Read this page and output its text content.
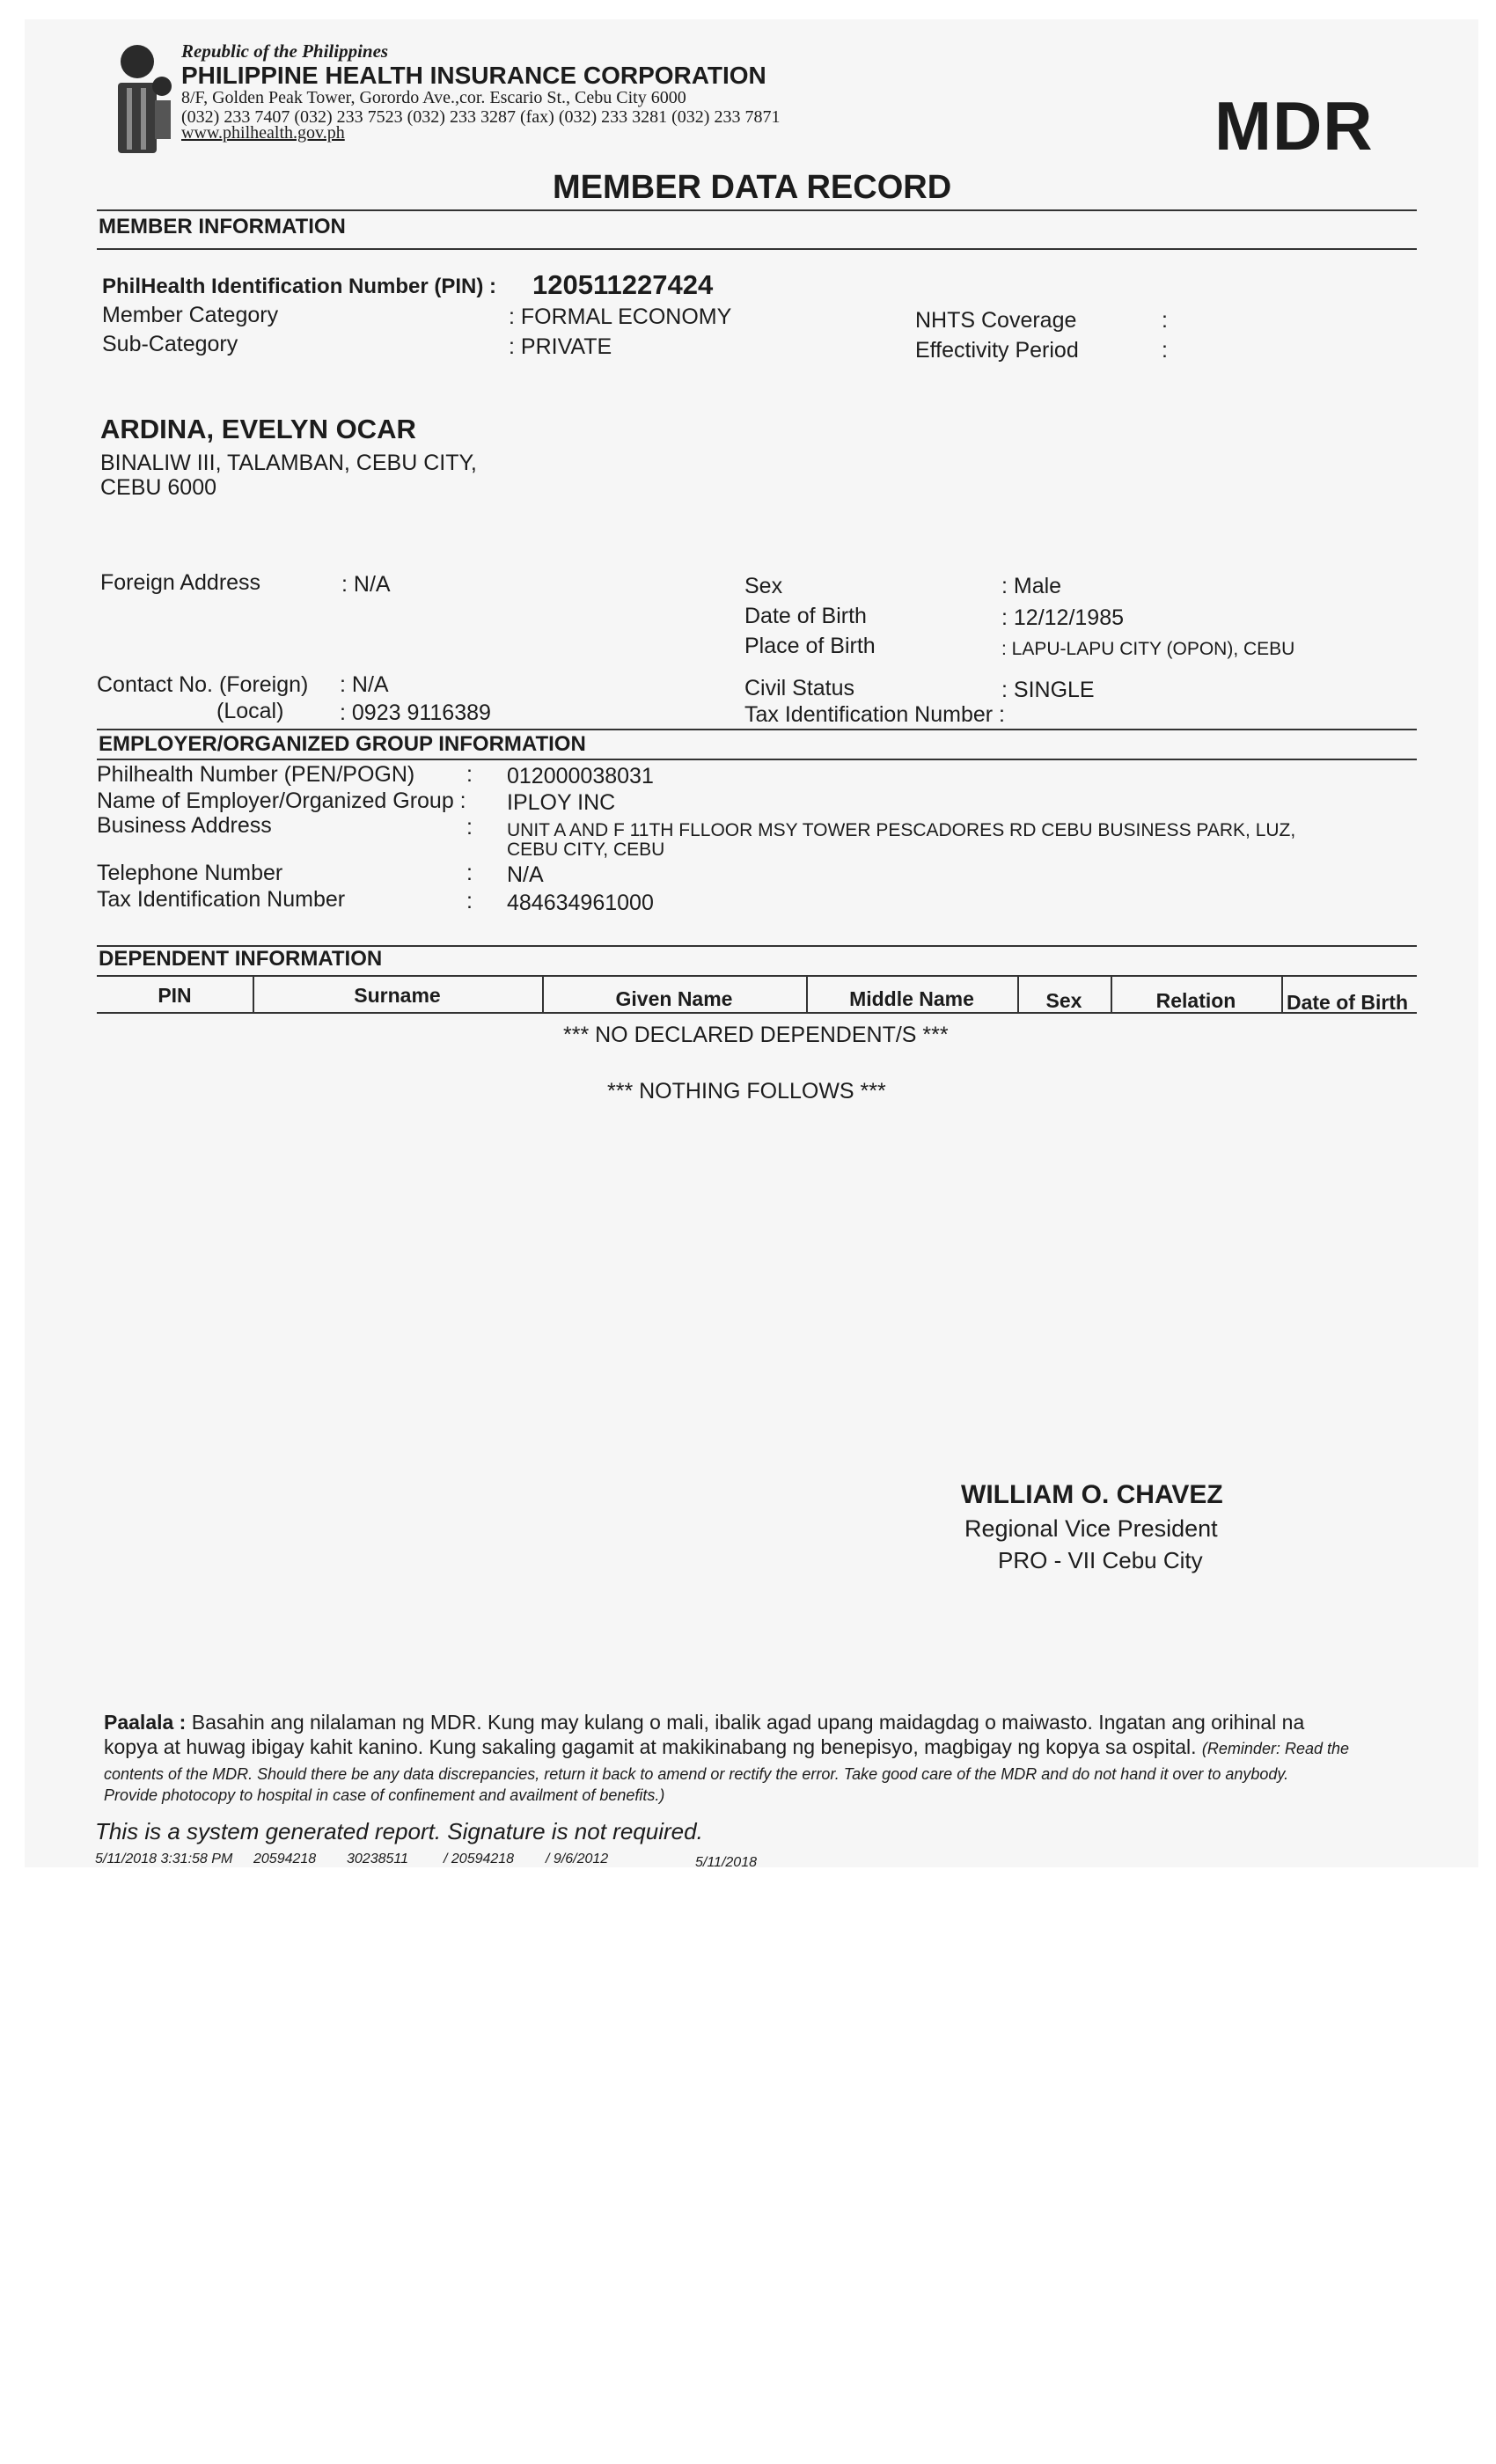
Republic of the Philippines
PHILIPPINE HEALTH INSURANCE CORPORATION
8/F, Golden Peak Tower, Gorordo Ave.,cor. Escario St., Cebu City 6000
(032) 233 7407 (032) 233 7523 (032) 233 3287 (fax) (032) 233 3281 (032) 233 7871
www.philhealth.gov.ph	MDR
MEMBER DATA RECORD
MEMBER INFORMATION
PhilHealth Identification Number (PIN) : 120511227424
Member Category	: FORMAL ECONOMY
Sub-Category	: PRIVATE
NHTS Coverage	:
Effectivity Period	:
ARDINA, EVELYN OCAR
BINALIW III, TALAMBAN, CEBU CITY,
CEBU 6000
Foreign Address	: N/A
Contact No. (Foreign) : N/A
(Local)	: 0923 9116389
Sex	: Male
Date of Birth	: 12/12/1985
Place of Birth	: LAPU-LAPU CITY (OPON), CEBU
Civil Status	: SINGLE
Tax Identification Number :
EMPLOYER/ORGANIZED GROUP INFORMATION
Philhealth Number (PEN/POGN) : 012000038031
Name of Employer/Organized Group : IPLOY INC
Business Address	: UNIT A AND F 11TH FLLOOR MSY TOWER PESCADORES RD CEBU BUSINESS PARK, LUZ,
CEBU CITY, CEBU
Telephone Number	: N/A
Tax Identification Number	: 484634961000
DEPENDENT INFORMATION
PIN	Surname	Given Name	Middle Name	Sex	Relation	Date of Birth
*** NO DECLARED DEPENDENT/S ***
*** NOTHING FOLLOWS ***
WILLIAM O. CHAVEZ
Regional Vice President
PRO - VII Cebu City
Paalala : Basahin ang nilalaman ng MDR. Kung may kulang o mali, ibalik agad upang maidagdag o maiwasto. Ingatan ang orihinal na
kopya at huwag ibigay kahit kanino. Kung sakaling gagamit at makikinabang ng benepisyo, magbigay ng kopya sa ospital. (Reminder: Read the
contents of the MDR. Should there be any data discrepancies, return it back to amend or rectify the error. Take good care of the MDR and do not hand it over to anybody.
Provide photocopy to hospital in case of confinement and availment of benefits.)
This is a system generated report. Signature is not required.
5/11/2018 3:31:58 PM 20594218 30238511	/ 20594218 / 9/6/2012	5/11/2018
